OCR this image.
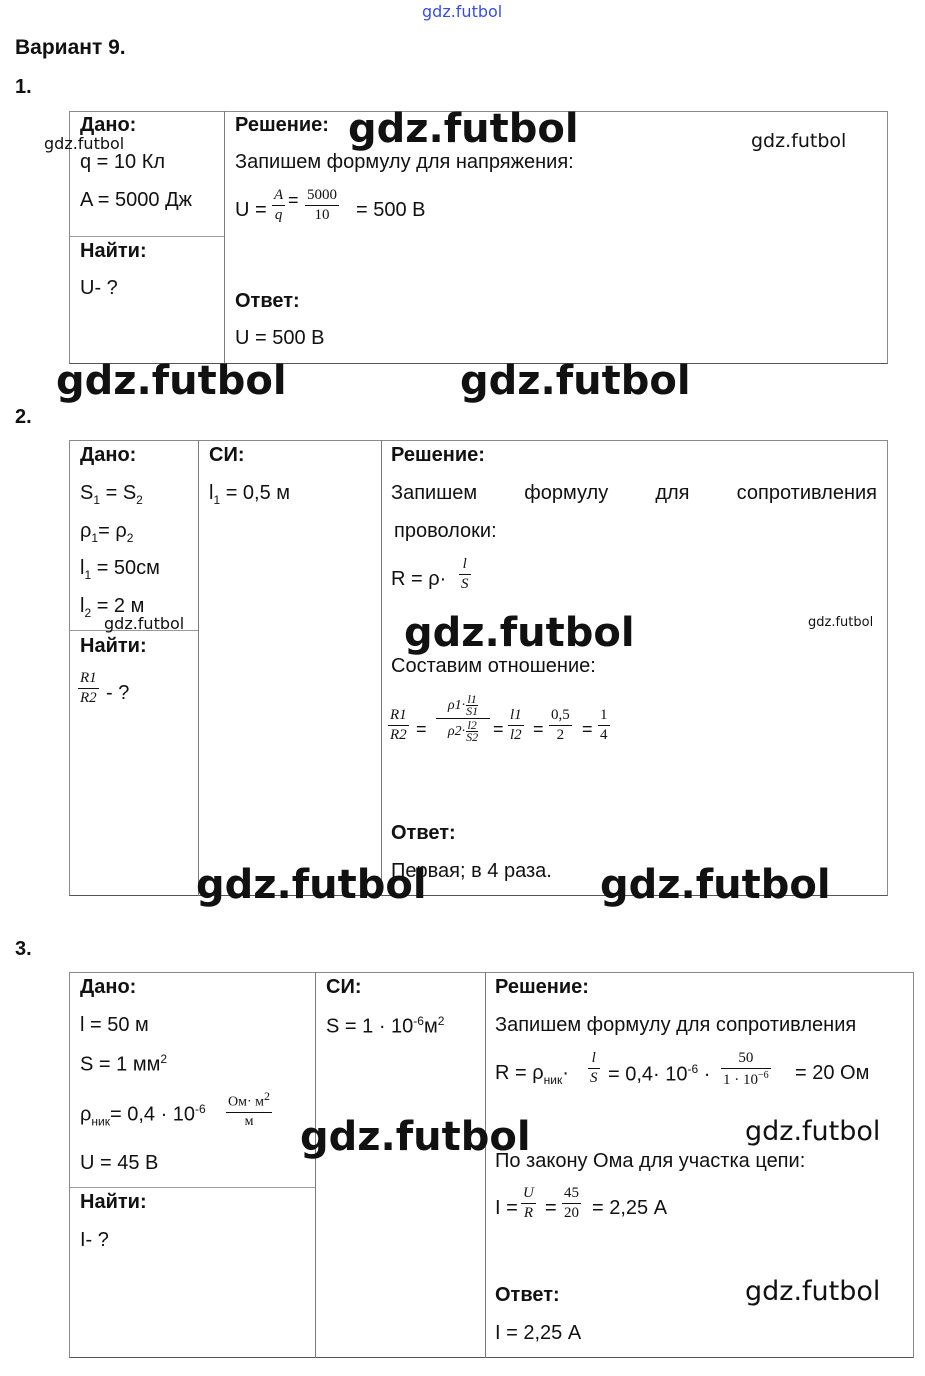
gdz.futbol
Вариант 9.
1.
Дано:
q = 10 Кл
A = 5000 Дж
Найти:
U- ?
Решение:
Запишем формулу для напряжения:
U =
A
q
= 5000
10	= 500 В
Ответ:
U = 500 В
2.
Дано:
$S_1 = S_2$
$\rho_1= \rho_2$
$l_1 = 50см$
$l_2 = 2$ м
Найти:
R1
R2 - ?
СИ:
$l_1 = 0,5$ м
Решение:
Запишем формулу для сопротивления
проволоки:
R = ρ·
l
S
Составим отношение:
R1
R2 =
ρ1· l1
S1
ρ2· l2
S2 =
l1
l2 =
0,5
2 =
1
4
Ответ:
Первая; в 4 раза.
3.
Дано:
l = 50 м
S = 1 $мм^2$
$\rho_{ник}= 0,4 \cdot 10^{-6}$ $Ом\cdot м^2$
м
U = 45 В
Найти:
I- ?
СИ:
$S = 1 \cdot 10^{-6}м^2$
Решение:
Запишем формулу для сопротивления
$R = \rho_{ник}\cdot$
l
$S = 0,4\cdot 10^{-6}$ ·
50
$1 \cdot 10^{-6} = 20$ Ом
По закону Ома для участка цепи:
I =
U
R =
45
20 = 2,25 А
Ответ:
I = 2,25 А
gdz.futbol	gdz.futbol	gdz.futbol
gdz.futbol	gdz.futbol
gdz.futbol	gdz.futbol	gdz.futbol
gdz.futbol	gdz.futbol
gdz.futbol	gdz.futbol
gdz.futbol
